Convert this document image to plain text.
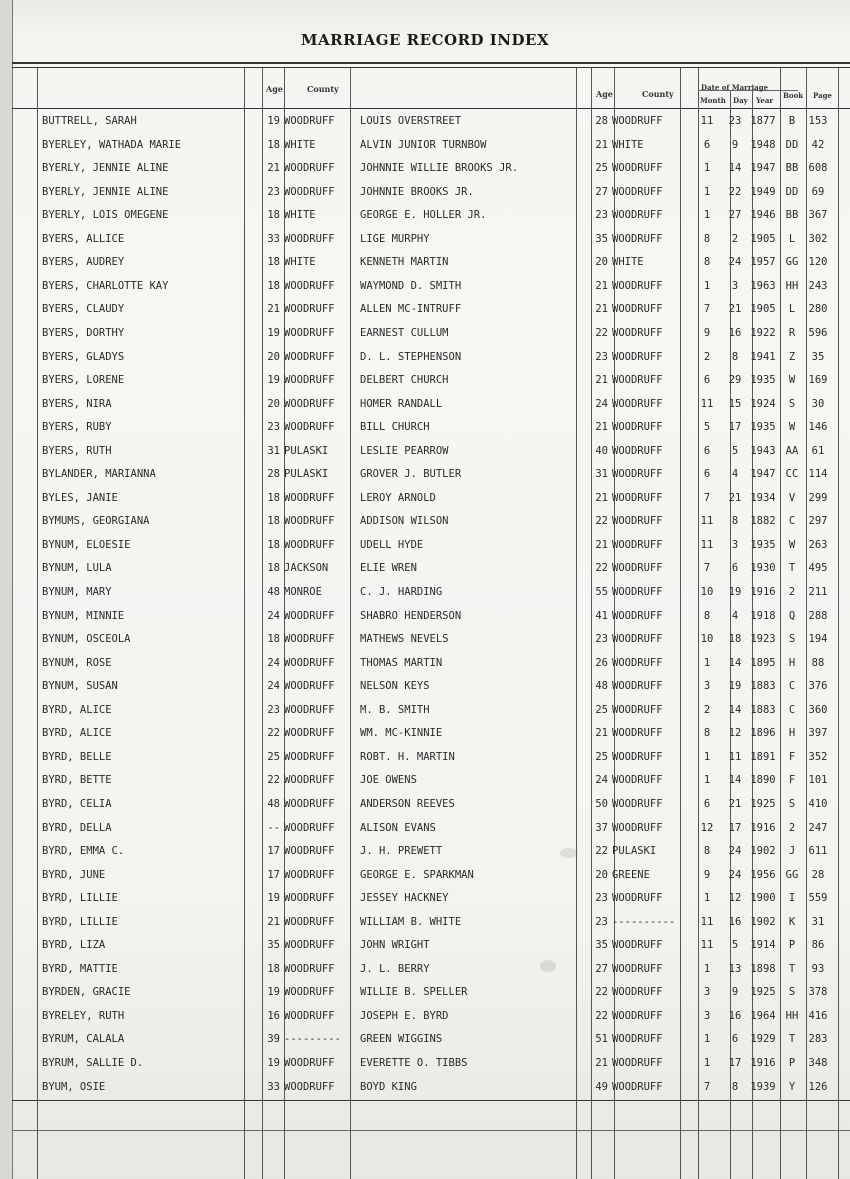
MARRIAGE RECORD INDEX
Age	County	Age	County
Date of Marriage
Month Day Year
Book Page
BUTTRELL, SARAH	19 WOODRUFF LOUIS OVERSTREET	28 WOODRUFF	11 23 1877	B	153
BYERLEY, WATHADA MARIE	18 WHITE	ALVIN JUNIOR TURNBOW	21 WHITE	6	9	1948 DD	42
BYERLY, JENNIE ALINE	21 WOODRUFF JOHNNIE WILLIE BROOKS JR.	25 WOODRUFF	1	14 1947 BB 608
BYERLY, JENNIE ALINE	23 WOODRUFF JOHNNIE BROOKS JR.	27 WOODRUFF	1	22 1949 DD	69
BYERLY, LOIS OMEGENE	18 WHITE	GEORGE E. HOLLER JR.	23 WOODRUFF	1	27 1946 BB 367
BYERS, ALLICE	33 WOODRUFF LIGE MURPHY	35 WOODRUFF	8	2	1905	L	302
BYERS, AUDREY	18 WHITE	KENNETH MARTIN	20 WHITE	8	24 1957 GG 120
BYERS, CHARLOTTE KAY	18 WOODRUFF WAYMOND D. SMITH	21 WOODRUFF	1	3	1963 HH 243
BYERS, CLAUDY	21 WOODRUFF ALLEN MC-INTRUFF	21 WOODRUFF	7	21 1905	L	280
BYERS, DORTHY	19 WOODRUFF EARNEST CULLUM	22 WOODRUFF	9	16 1922	R	596
BYERS, GLADYS	20 WOODRUFF D. L. STEPHENSON	23 WOODRUFF	2	8	1941	Z	35
BYERS, LORENE	19 WOODRUFF DELBERT CHURCH	21 WOODRUFF	6	29 1935	W	169
BYERS, NIRA	20 WOODRUFF HOMER RANDALL	24 WOODRUFF	11 15 1924	S	30
BYERS, RUBY	23 WOODRUFF BILL CHURCH	21 WOODRUFF	5	17 1935	W	146
BYERS, RUTH	31 PULASKI	LESLIE PEARROW	40 WOODRUFF	6	5	1943 AA	61
BYLANDER, MARIANNA	28 PULASKI	GROVER J. BUTLER	31 WOODRUFF	6	4	1947 CC 114
BYLES, JANIE	18 WOODRUFF LEROY ARNOLD	21 WOODRUFF	7	21 1934	V	299
BYMUMS, GEORGIANA	18 WOODRUFF ADDISON WILSON	22 WOODRUFF	11	8	1882	C	297
BYNUM, ELOESIE	18 WOODRUFF UDELL HYDE	21 WOODRUFF	11	3	1935	W	263
BYNUM, LULA	18 JACKSON	ELIE WREN	22 WOODRUFF	7	6	1930	T	495
BYNUM, MARY	48 MONROE	C. J. HARDING	55 WOODRUFF	10 19 1916	2	211
BYNUM, MINNIE	24 WOODRUFF SHABRO HENDERSON	41 WOODRUFF	8	4	1918	Q	288
BYNUM, OSCEOLA	18 WOODRUFF MATHEWS NEVELS	23 WOODRUFF	10 18 1923	S	194
BYNUM, ROSE	24 WOODRUFF THOMAS MARTIN	26 WOODRUFF	1	14 1895	H	88
BYNUM, SUSAN	24 WOODRUFF NELSON KEYS	48 WOODRUFF	3	19 1883	C	376
BYRD, ALICE	23 WOODRUFF M. B. SMITH	25 WOODRUFF	2	14 1883	C	360
BYRD, ALICE	22 WOODRUFF WM. MC-KINNIE	21 WOODRUFF	8	12 1896	H	397
BYRD, BELLE	25 WOODRUFF ROBT. H. MARTIN	25 WOODRUFF	1	11 1891	F	352
BYRD, BETTE	22 WOODRUFF JOE OWENS	24 WOODRUFF	1	14 1890	F	101
BYRD, CELIA	48 WOODRUFF ANDERSON REEVES	50 WOODRUFF	6	21 1925	S	410
BYRD, DELLA	-- WOODRUFF ALISON EVANS	37 WOODRUFF	12 17 1916	2	247
BYRD, EMMA C.	17 WOODRUFF J. H. PREWETT	22 PULASKI	8	24 1902	J	611
BYRD, JUNE	17 WOODRUFF GEORGE E. SPARKMAN	20 GREENE	9	24 1956 GG	28
BYRD, LILLIE	19 WOODRUFF JESSEY HACKNEY	23 WOODRUFF	1	12 1900	I	559
BYRD, LILLIE	21 WOODRUFF WILLIAM B. WHITE	23 ---------- 11 16 1902	K	31
BYRD, LIZA	35 WOODRUFF JOHN WRIGHT	35 WOODRUFF	11	5	1914	P	86
BYRD, MATTIE	18 WOODRUFF J. L. BERRY	27 WOODRUFF	1	13 1898	T	93
BYRDEN, GRACIE	19 WOODRUFF WILLIE B. SPELLER	22 WOODRUFF	3	9	1925	S	378
BYRELEY, RUTH	16 WOODRUFF JOSEPH E. BYRD	22 WOODRUFF	3	16 1964 HH 416
BYRUM, CALALA	39 --------- GREEN WIGGINS	51 WOODRUFF	1	6	1929	T	283
BYRUM, SALLIE D.	19 WOODRUFF EVERETTE O. TIBBS	21 WOODRUFF	1	17 1916	P	348
BYUM, OSIE	33 WOODRUFF BOYD KING	49 WOODRUFF	7	8	1939	Y	126
